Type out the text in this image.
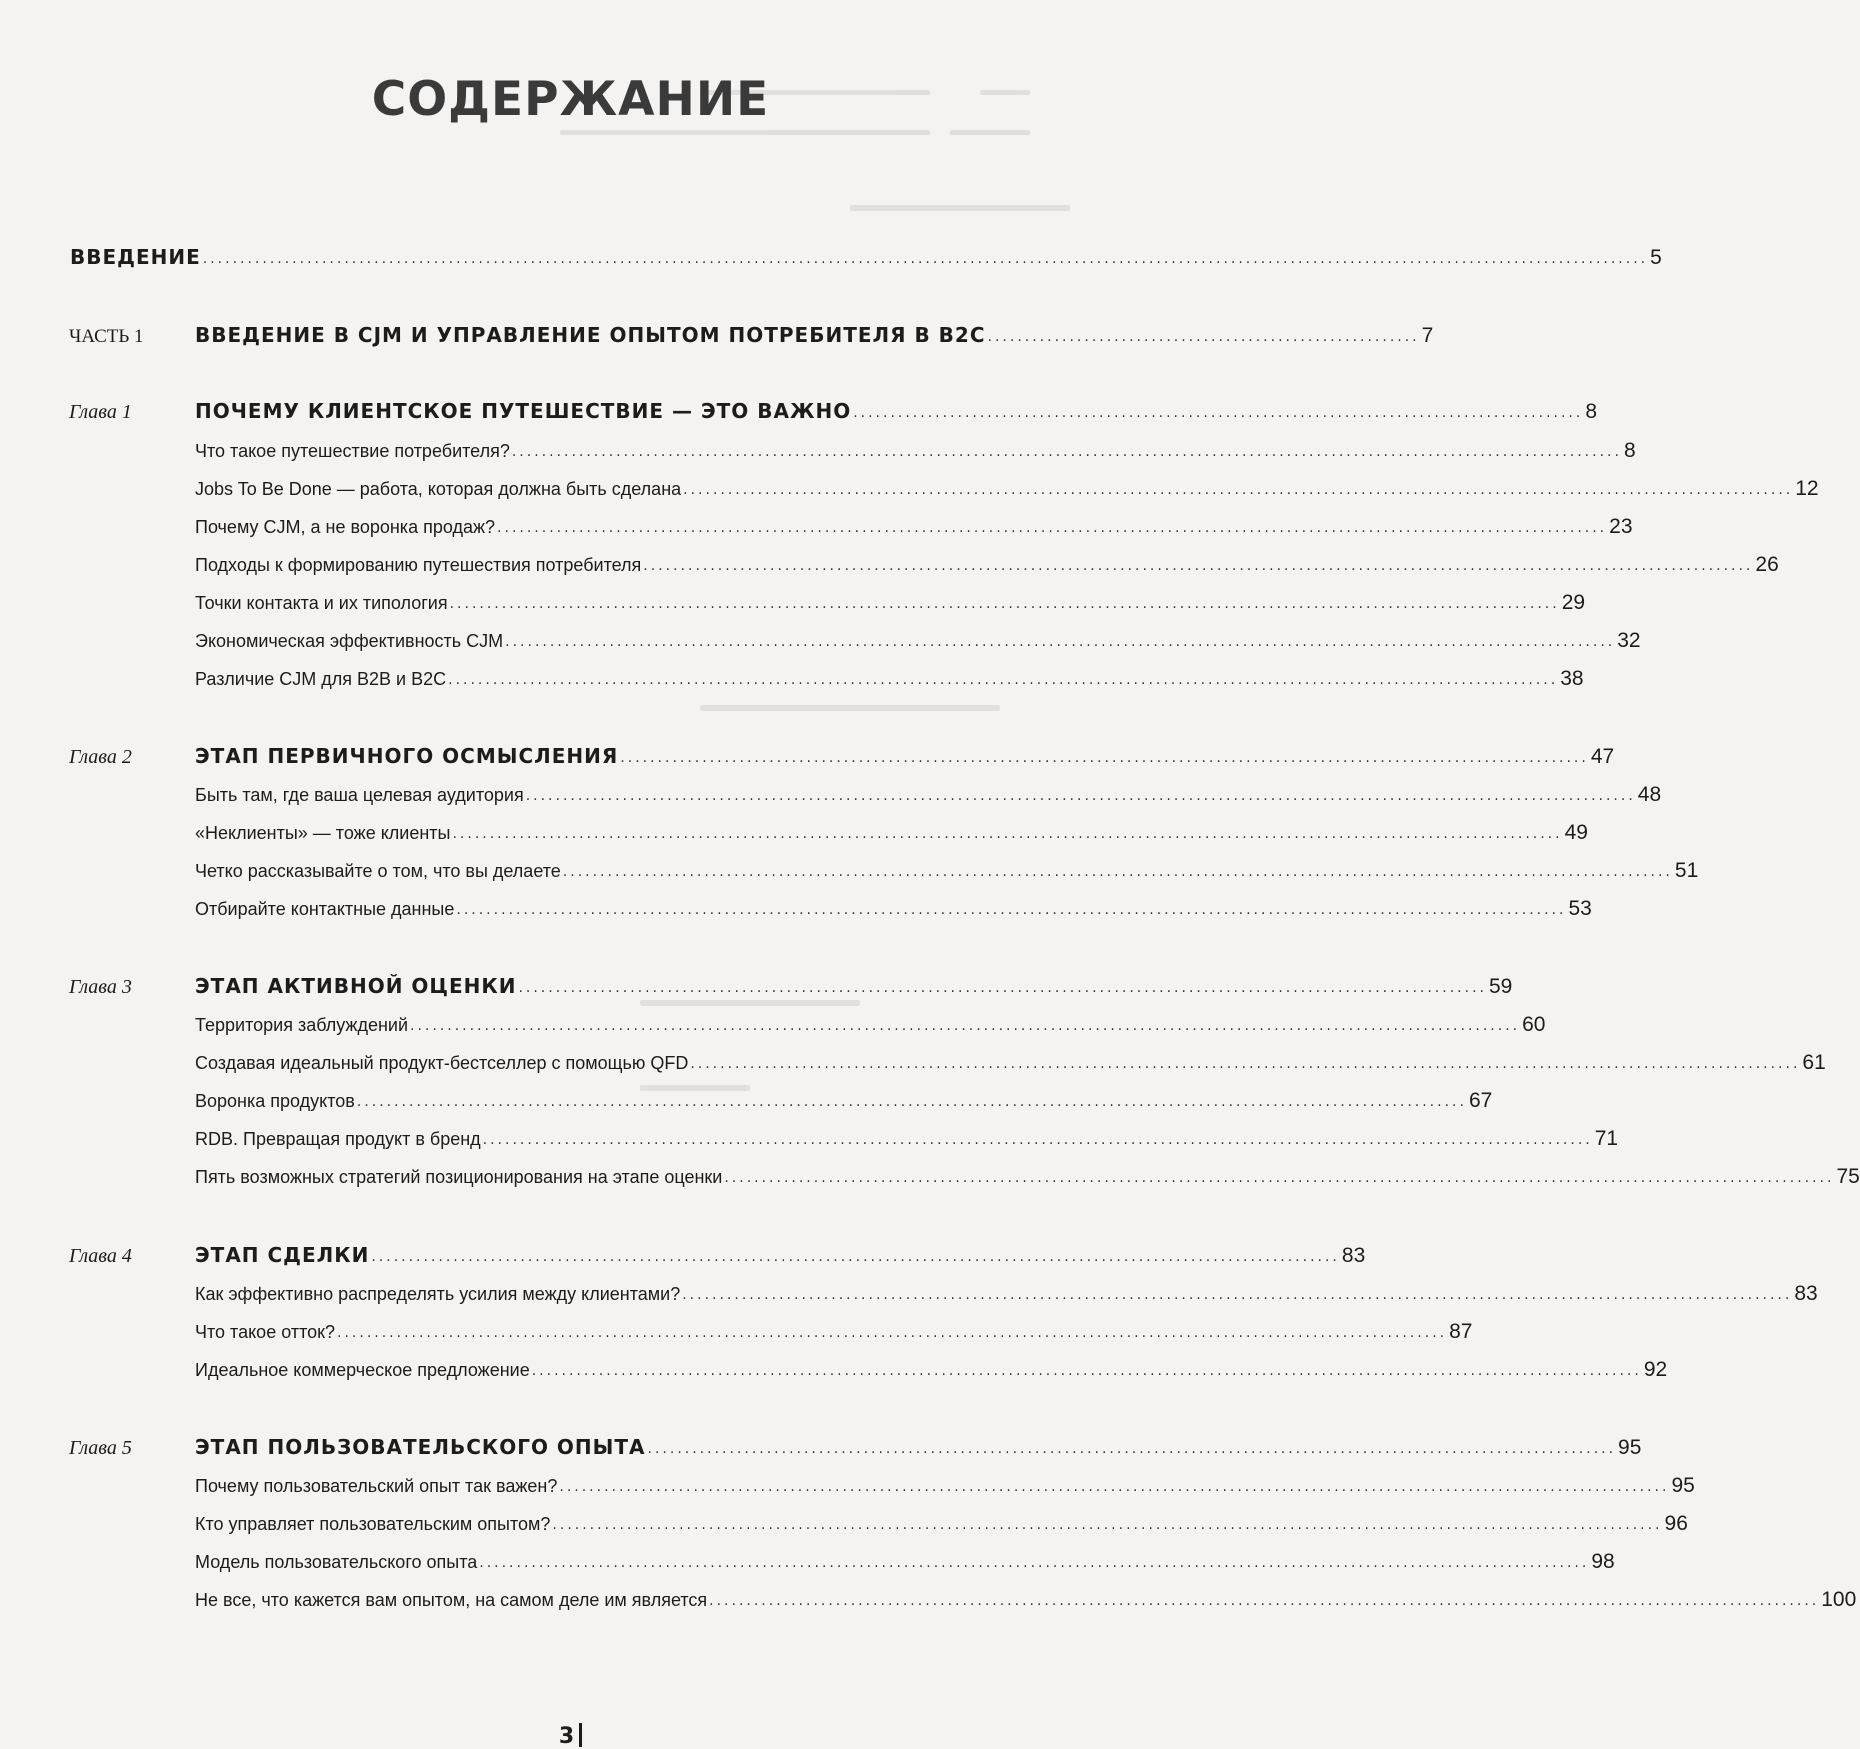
СОДЕРЖАНИЕ
ВВЕДЕНИЕ .................................................................................................................................................................................................. 5
ЧАСТЬ 1	ВВЕДЕНИЕ В CJM И УПРАВЛЕНИЕ ОПЫТОМ ПОТРЕБИТЕЛЯ В B2C .......................................................... 7
Глава 1	ПОЧЕМУ КЛИЕНТСКОЕ ПУТЕШЕСТВИЕ — ЭТО ВАЖНО .................................................................................................. 8
Что такое путешествие потребителя? ..................................................................................................................................................... 8
Jobs To Be Done — работа, которая должна быть сделана ..................................................................................................................................................... 12
Почему CJM, а не воронка продаж? ..................................................................................................................................................... 23
Подходы к формированию путешествия потребителя ..................................................................................................................................................... 26
Точки контакта и их типология ..................................................................................................................................................... 29
Экономическая эффективность CJM ..................................................................................................................................................... 32
Различие CJM для B2B и B2C ..................................................................................................................................................... 38
Глава 2	ЭТАП ПЕРВИЧНОГО ОСМЫСЛЕНИЯ .................................................................................................................................. 47
Быть там, где ваша целевая аудитория ..................................................................................................................................................... 48
«Неклиенты» — тоже клиенты ..................................................................................................................................................... 49
Четко рассказывайте о том, что вы делаете ..................................................................................................................................................... 51
Отбирайте контактные данные ..................................................................................................................................................... 53
Глава 3	ЭТАП АКТИВНОЙ ОЦЕНКИ .................................................................................................................................. 59
Территория заблуждений ..................................................................................................................................................... 60
Создавая идеальный продукт-бестселлер с помощью QFD ..................................................................................................................................................... 61
Воронка продуктов ..................................................................................................................................................... 67
RDB. Превращая продукт в бренд ..................................................................................................................................................... 71
Пять возможных стратегий позиционирования на этапе оценки ..................................................................................................................................................... 75
Глава 4	ЭТАП СДЕЛКИ .................................................................................................................................. 83
Как эффективно распределять усилия между клиентами? ..................................................................................................................................................... 83
Что такое отток? ..................................................................................................................................................... 87
Идеальное коммерческое предложение ..................................................................................................................................................... 92
Глава 5	ЭТАП ПОЛЬЗОВАТЕЛЬСКОГО ОПЫТА .................................................................................................................................. 95
Почему пользовательский опыт так важен? ..................................................................................................................................................... 95
Кто управляет пользовательским опытом? ..................................................................................................................................................... 96
Модель пользовательского опыта ..................................................................................................................................................... 98
Не все, что кажется вам опытом, на самом деле им является ..................................................................................................................................................... 100
3
